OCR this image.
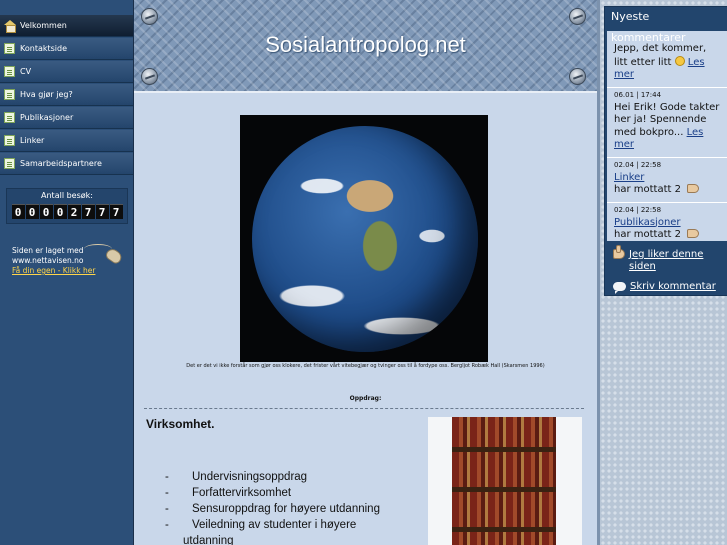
Velkommen
Kontaktside
CV
Hva gjør jeg?
Publikasjoner
Linker
Samarbeidspartnere
Antall besøk:
0 0 0 0 2 7 7 7
Siden er laget med
www.nettavisen.no
Få din egen - Klikk her
Sosialantropolog.net
Det er det vi ikke forstår som gjør oss klokere, det frister vårt vitebegjær og tvinger oss til å fordype oss. Bergljot Robæk Hall (Skarsmen 1996)
Oppdrag:
Virksomhet.
-	Undervisningsoppdrag
-	Forfattervirksomhet
-	Sensuroppdrag for høyere utdanning
-	Veiledning av studenter i høyere
utdanning
Nyeste
Jepp, det kommer, litt etter litt Les mer
06.01 | 17:44
Hei Erik! Gode takter her ja! Spennende med bokpro... Les mer
02.04 | 22:58
Linker
har mottatt 2
02.04 | 22:58
Publikasjoner
har mottatt 2
kommentarer
Jeg liker denne siden
Skriv kommentar
